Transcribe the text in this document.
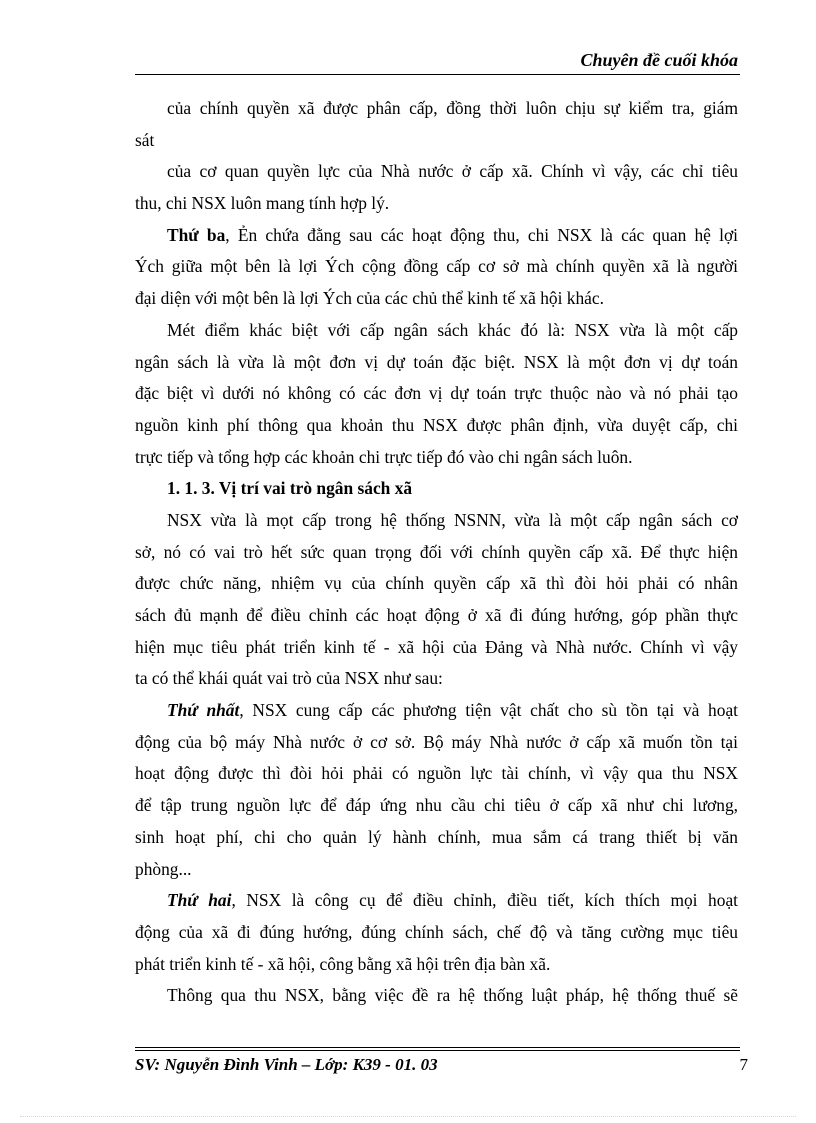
Chuyên đề cuối khóa
của chính quyền xã được phân cấp, đồng thời luôn chịu sự kiểm tra, giám
sát
của cơ quan quyền lực của Nhà nước ở cấp xã. Chính vì vậy, các chỉ tiêu
thu, chi NSX luôn mang tính hợp lý.
Thứ ba, Ẻn chứa đằng sau các hoạt động thu, chi NSX là các quan hệ lợi
Ých giữa một bên là lợi Ých cộng đồng cấp cơ sở mà chính quyền xã là người
đại diện với một bên là lợi Ých của các chủ thể kinh tế xã hội khác.
Mét điểm khác biệt với cấp ngân sách khác đó là: NSX vừa là một cấp
ngân sách là vừa là một đơn vị dự toán đặc biệt. NSX là một đơn vị dự toán
đặc biệt vì dưới nó không có các đơn vị dự toán trực thuộc nào và nó phải tạo
nguồn kinh phí thông qua khoản thu NSX được phân định, vừa duyệt cấp, chi
trực tiếp và tổng hợp các khoản chi trực tiếp đó vào chi ngân sách luôn.
1. 1. 3. Vị trí vai trò ngân sách xã
NSX vừa là mọt cấp trong hệ thống NSNN, vừa là một cấp ngân sách cơ
sở, nó có vai trò hết sức quan trọng đối với chính quyền cấp xã. Để thực hiện
được chức năng, nhiệm vụ của chính quyền cấp xã thì đòi hỏi phải có nhân
sách đủ mạnh để điều chỉnh các hoạt động ở xã đi đúng hướng, góp phần thực
hiện mục tiêu phát triển kinh tế - xã hội của Đảng và Nhà nước. Chính vì vậy
ta có thể khái quát vai trò của NSX như sau:
Thứ nhất, NSX cung cấp các phương tiện vật chất cho sù tồn tại và hoạt
động của bộ máy Nhà nước ở cơ sở. Bộ máy Nhà nước ở cấp xã muốn tồn tại
hoạt động được thì đòi hỏi phải có nguồn lực tài chính, vì vậy qua thu NSX
để tập trung nguồn lực để đáp ứng nhu cầu chi tiêu ở cấp xã như chi lương,
sinh hoạt phí, chi cho quản lý hành chính, mua sắm cá trang thiết bị văn
phòng...
Thứ hai, NSX là công cụ để điều chỉnh, điều tiết, kích thích mọi hoạt
động của xã đi đúng hướng, đúng chính sách, chế độ và tăng cường mục tiêu
phát triển kinh tế - xã hội, công bằng xã hội trên địa bàn xã.
Thông qua thu NSX, bằng việc đề ra hệ thống luật pháp, hệ thống thuế sẽ
SV: Nguyễn Đình Vinh – Lớp: K39 - 01. 03	7
